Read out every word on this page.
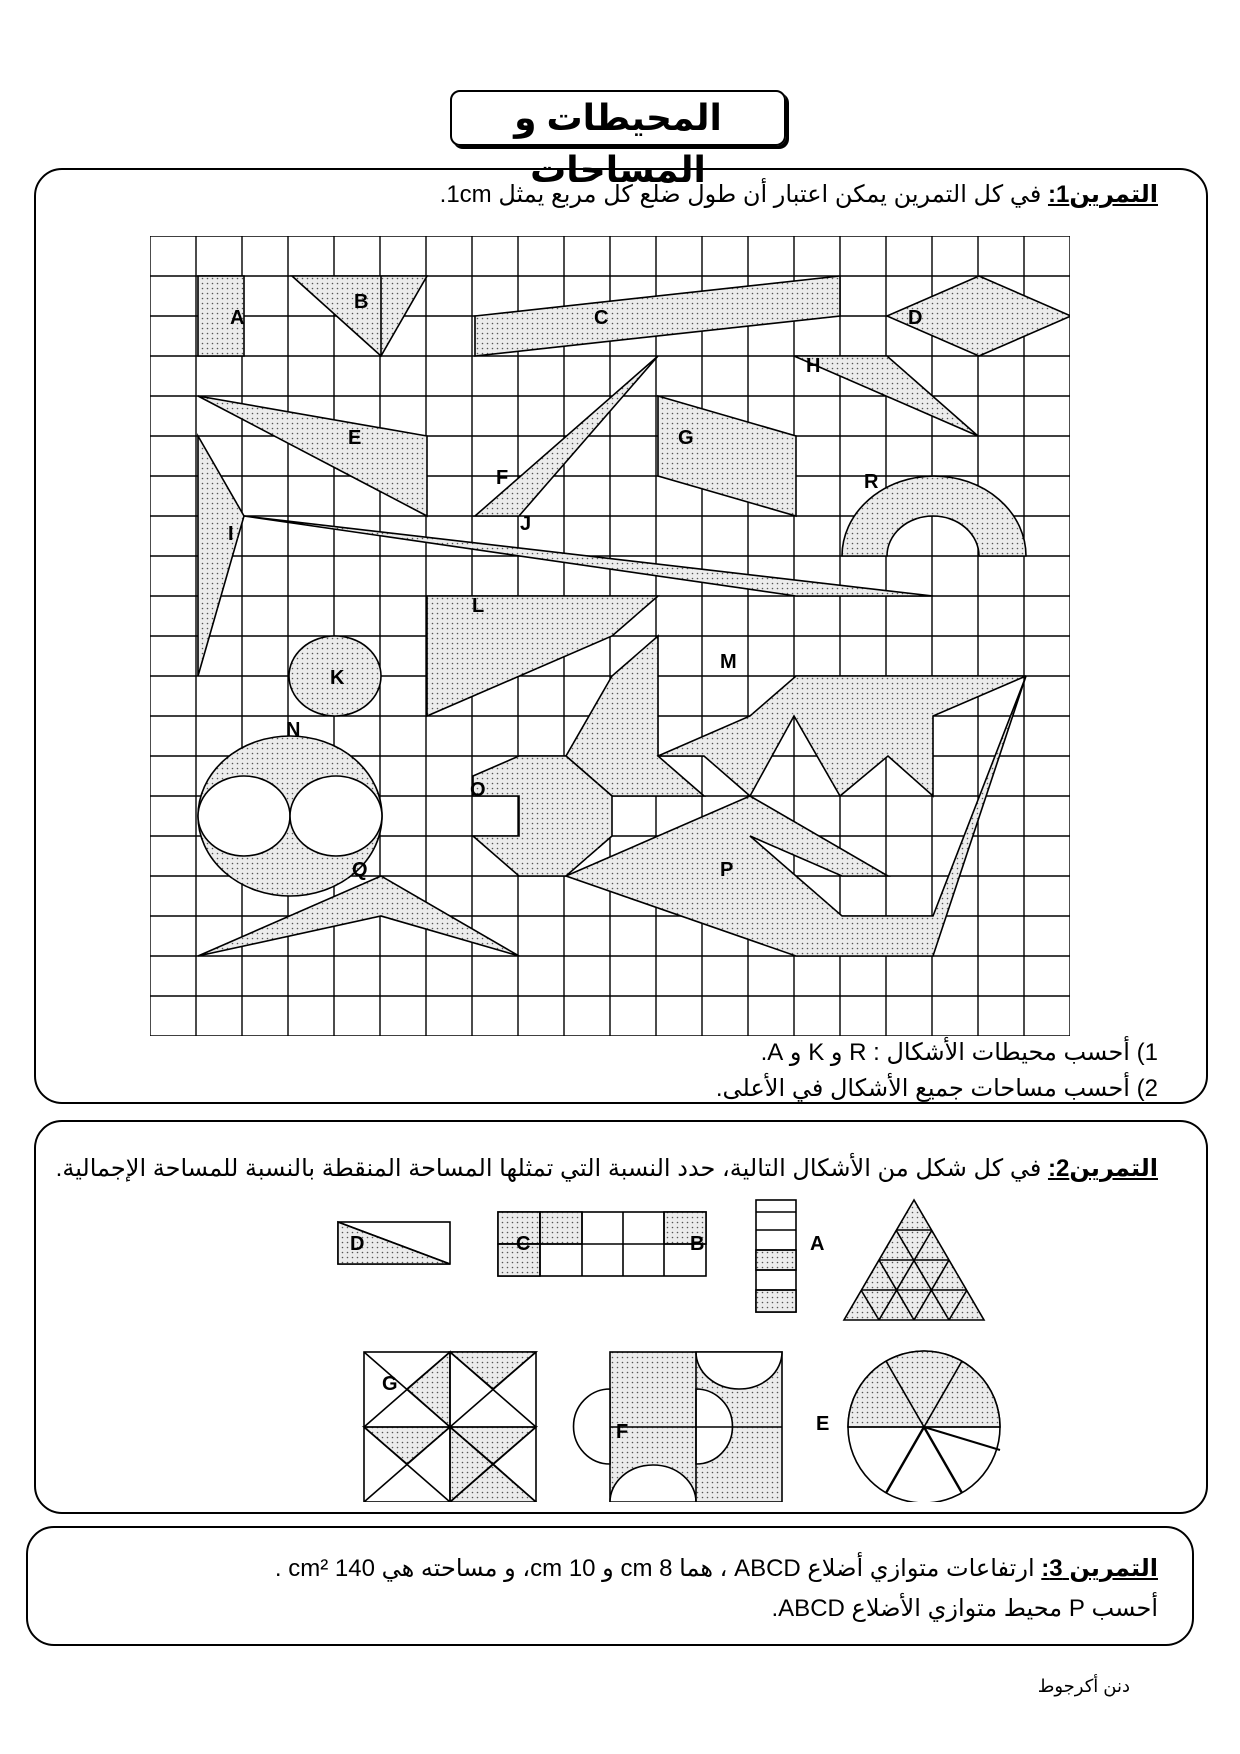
المحيطات و المساحات
التمرين1: في كل التمرين يمكن اعتبار أن طول ضلع كل مربع يمثل 1cm.
A
B
C	D
E
F
G
H
I	J
K
L
M
N
O
P
Q
R
1) أحسب محيطات الأشكال : R و K و A.
2) أحسب مساحات جميع الأشكال في الأعلى.
التمرين2: في كل شكل من الأشكال التالية، حدد النسبة التي تمثلها المساحة المنقطة بالنسبة للمساحة الإجمالية.
A
B
C
D
E
F
G
التمرين 3: ارتفاعات متوازي أضلاع ABCD ، هما 8 cm و 10 cm، و مساحته هي 140 cm² .
أحسب P محيط متوازي الأضلاع ABCD.
دنن أكرجوط
